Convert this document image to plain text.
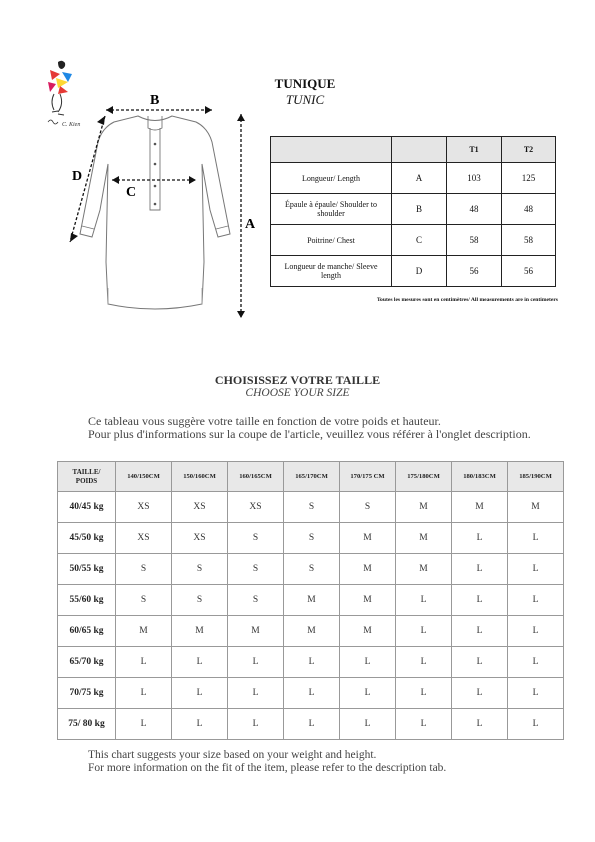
C. Kien
B
D
C
A
TUNIQUE
TUNIC
		T1	T2
Longueur/ Length	A	103	125
Épaule à épaule/ Shoulder to shoulder	B	48	48
Poitrine/ Chest	C	58	58
Longueur de manche/ Sleeve length	D	56	56
Toutes les mesures sont en centimètres/ All measurements are in centimeters
CHOISISSEZ VOTRE TAILLE
CHOOSE YOUR SIZE
Ce tableau vous suggère votre taille en fonction de votre poids et hauteur.
Pour plus d'informations sur la coupe de l'article, veuillez vous référer à l'onglet description.
TAILLE/
POIDS	140/150CM	150/160CM	160/165CM	165/170CM	170/175 CM	175/180CM	180/183CM	185/190CM
40/45 kg	XS	XS	XS	S	S	M	M	M
45/50 kg	XS	XS	S	S	M	M	L	L
50/55 kg	S	S	S	S	M	M	L	L
55/60 kg	S	S	S	M	M	L	L	L
60/65 kg	M	M	M	M	M	L	L	L
65/70 kg	L	L	L	L	L	L	L	L
70/75 kg	L	L	L	L	L	L	L	L
75/ 80 kg	L	L	L	L	L	L	L	L
This chart suggests your size based on your weight and height.
For more information on the fit of the item, please refer to the description tab.
